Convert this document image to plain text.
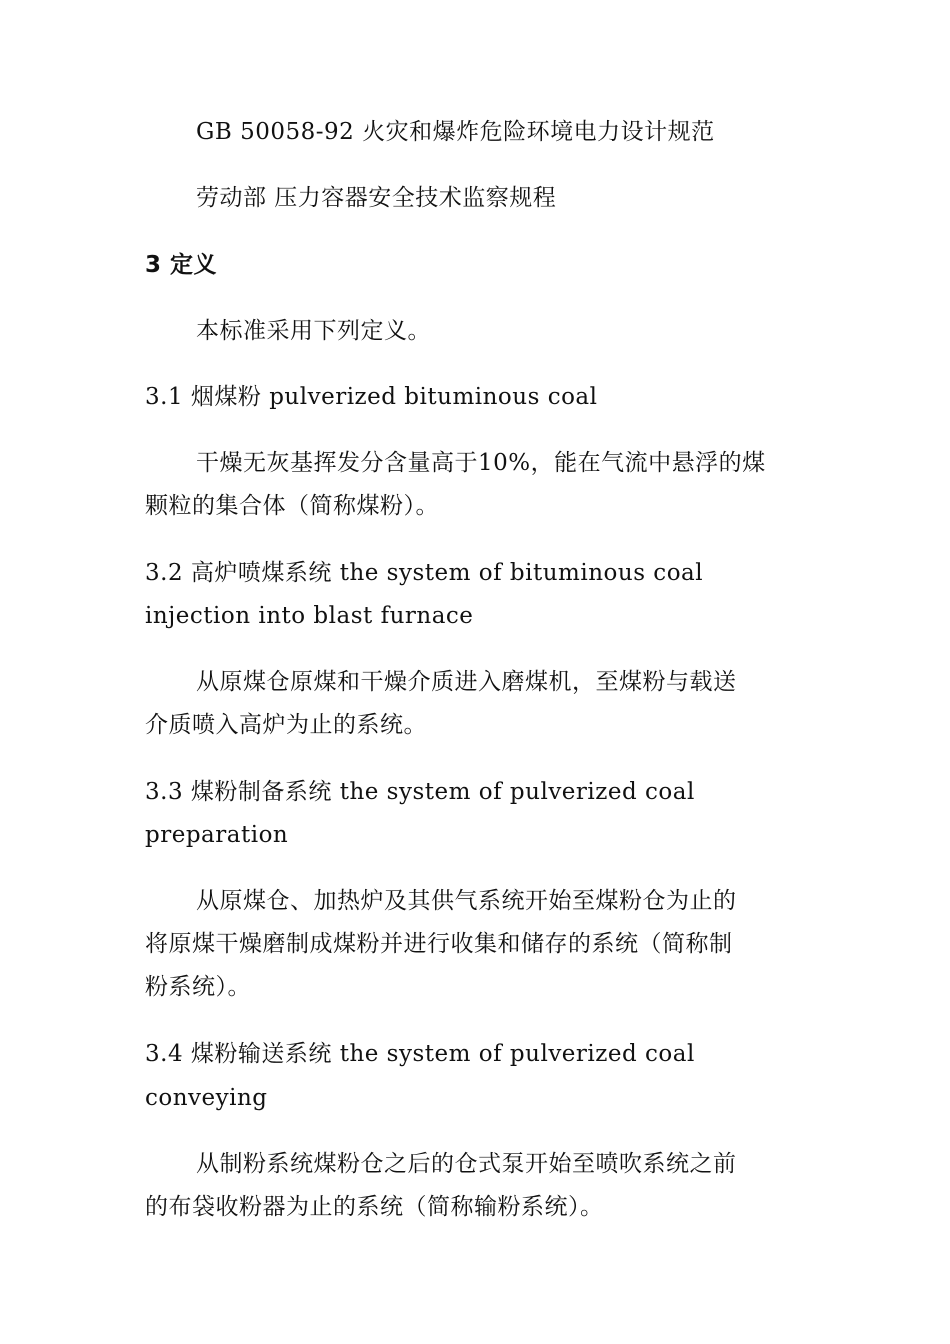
GB 50058-92 火灾和爆炸危险环境电力设计规范
劳动部 压力容器安全技术监察规程
3 定义
本标准采用下列定义。
3.1 烟煤粉 pulverized bituminous coal
干燥无灰基挥发分含量高于10%，能在气流中悬浮的煤
颗粒的集合体（简称煤粉）。
3.2 高炉喷煤系统 the system of bituminous coal
injection into blast furnace
从原煤仓原煤和干燥介质进入磨煤机，至煤粉与载送
介质喷入高炉为止的系统。
3.3 煤粉制备系统 the system of pulverized coal
preparation
从原煤仓、加热炉及其供气系统开始至煤粉仓为止的
将原煤干燥磨制成煤粉并进行收集和储存的系统（简称制
粉系统）。
3.4 煤粉输送系统 the system of pulverized coal
conveying
从制粉系统煤粉仓之后的仓式泵开始至喷吹系统之前
的布袋收粉器为止的系统（简称输粉系统）。
